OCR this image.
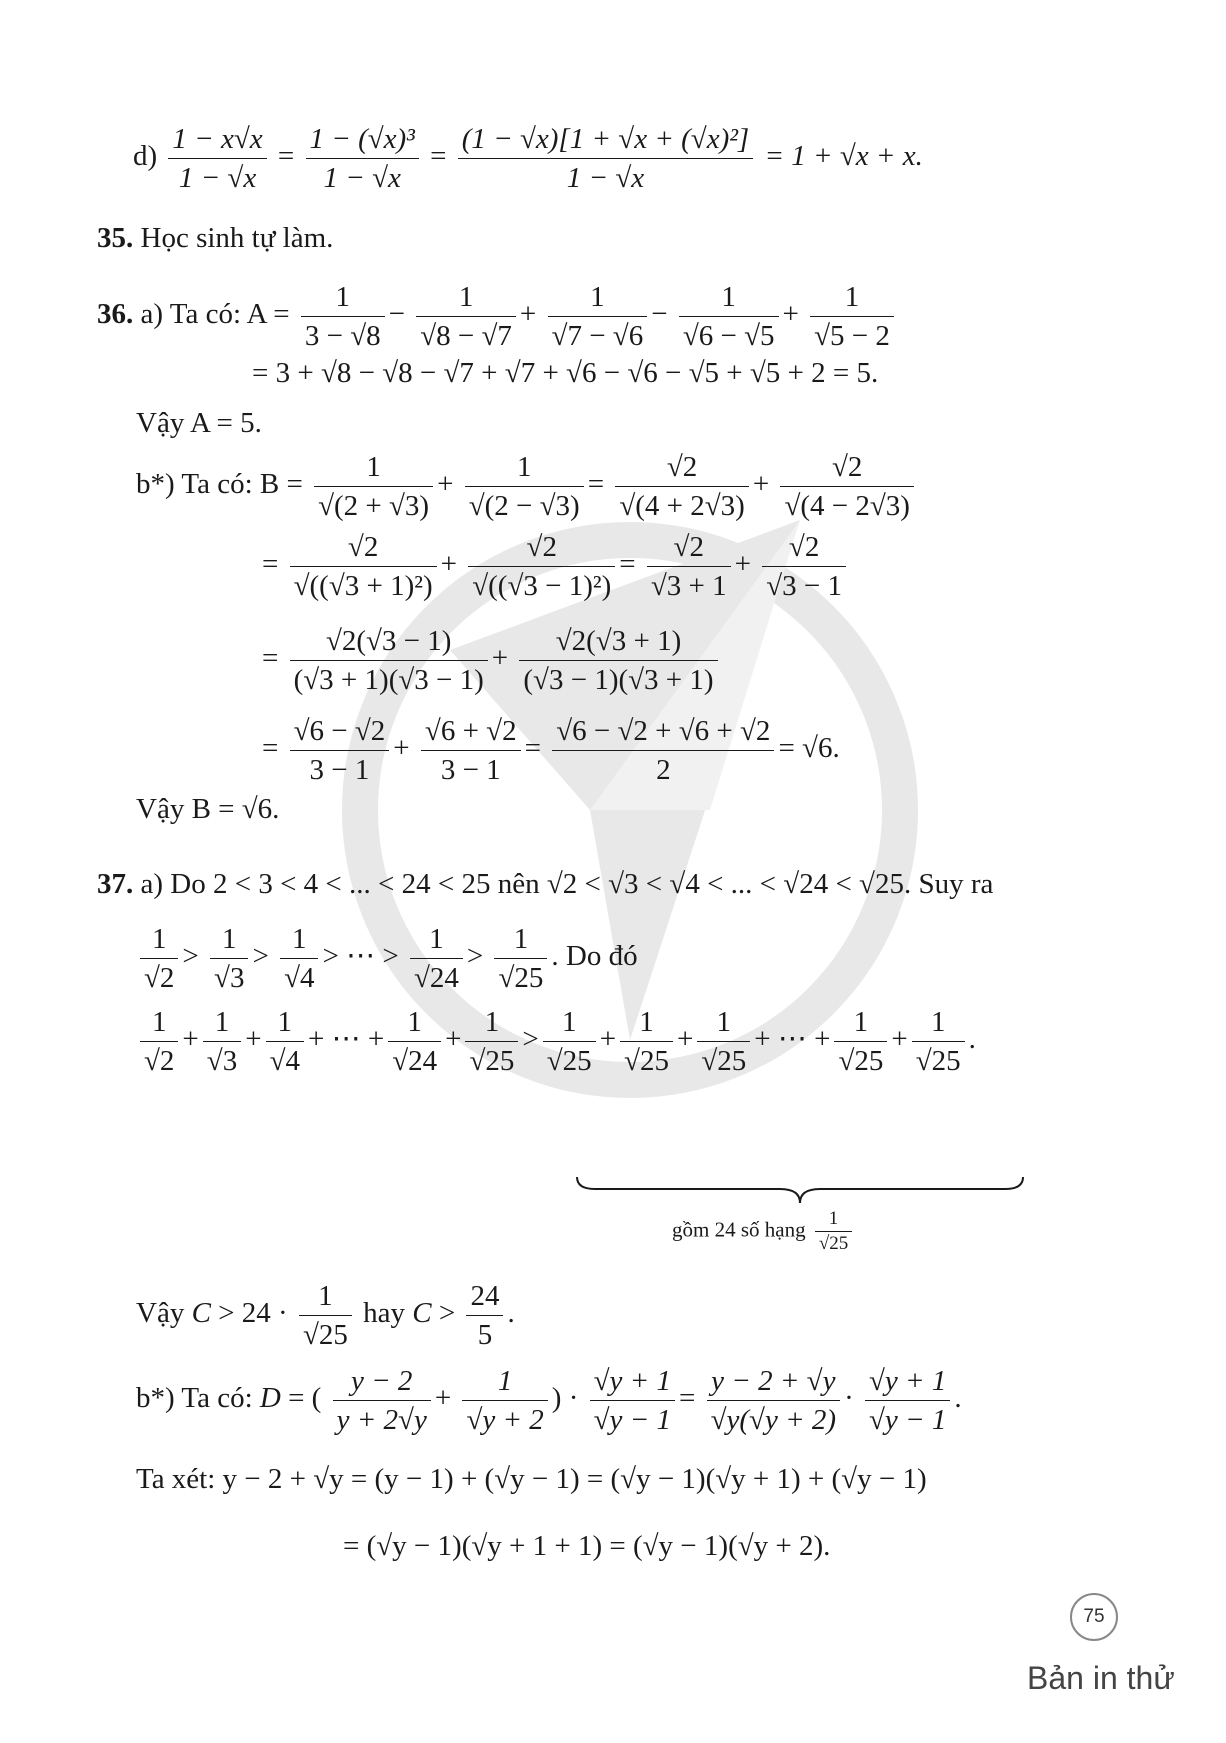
$d) \frac{1 - x√x}{1 - √x} = \frac{\text{1 − (√x)³}}{1 - √x} = \frac{\text{(1 − √x)[1 + √x + (√x)²]}}{1 - √x} = 1 + √x + x$.
35. Học sinh tự làm.
36. a) Ta có: $A = \frac{1}{3 - √8} - \frac{1}{√8 - √7} + \frac{1}{√7 - √6} - \frac{1}{√6 - √5} + \frac{1}{√5 - 2}$
= 3 + √8 − √8 − √7 + √7 + √6 − √6 − √5 + √5 + 2 = 5.
Vậy A = 5.
b*) Ta có: $B = \frac{1}{√(2 + √3)} + \frac{1}{√(2 - √3)} = \frac{√2}{√(4 + 2√3)} + \frac{√2}{√(4 - 2√3)}$
= $\frac{√2}{\text{√((√3 + 1)²)}} + \frac{√2}{\text{√((√3 − 1)²)}} = \frac{√2}{√3 + 1} + \frac{√2}{√3 - 1}$
= $\frac{√2(√3 - 1)}{(√3 + 1)(√3 - 1)} + \frac{√2(√3 + 1)}{(√3 - 1)(√3 + 1)}$
= $\frac{√6 - √2}{3 - 1} + \frac{√6 + √2}{3 - 1} = \frac{√6 - √2 + √6 + √2}{2} = √6$.
Vậy B = √6.
37. a) Do 2 < 3 < 4 < ... < 24 < 25 nên √2 < √3 < √4 < ... < √24 < √25. Suy ra
$\frac{1}{√2} > \frac{1}{√3} > \frac{1}{√4}$ > ⋯ > $\frac{1}{√24} > \frac{1}{√25}$ . Do đó
$\frac{1}{√2} + \frac{1}{√3} + \frac{1}{√4}$ + ⋯ + $\frac{1}{√24} + \frac{1}{√25} > \frac{1}{√25} + \frac{1}{√25} + \frac{1}{√25}$ + ⋯ + $\frac{1}{√25} + \frac{1}{√25}$ .
gồm 24 số hạng $\frac{1}{√25}$
Vậy $C > 24 \cdot \frac{1}{√25}$ hay $C > \frac{24}{5}$ .
b*) Ta có: D = ( $\frac{y - 2}{y + 2√y} + \frac{1}{√y + 2}$ ) · $\frac{√y + 1}{√y - 1} = \frac{y - 2 + √y}{√y(√y + 2)} \cdot \frac{√y + 1}{√y - 1}$ .
Ta xét: y − 2 + √y = (y − 1) + (√y − 1) = (√y − 1)(√y + 1) + (√y − 1)
= (√y − 1)(√y + 1 + 1) = (√y − 1)(√y + 2).
75
Bản in thử
